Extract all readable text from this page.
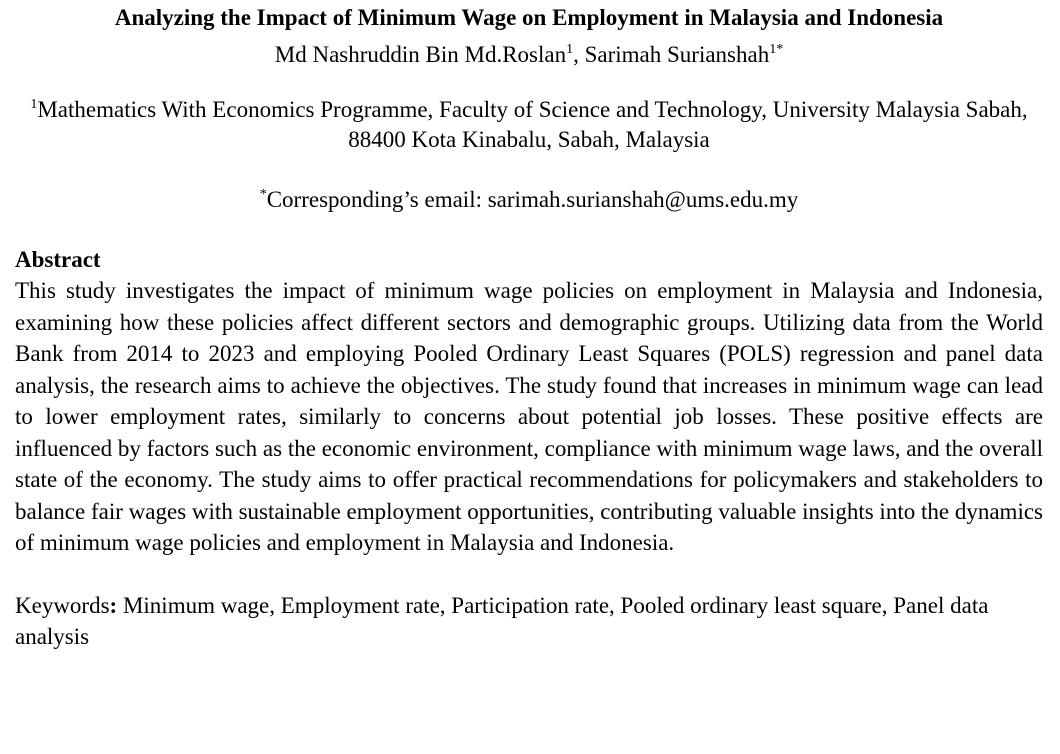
Analyzing the Impact of Minimum Wage on Employment in Malaysia and Indonesia
Md Nashruddin Bin Md.Roslan$^1$, Sarimah Surianshah$^{1*}$
$^1$Mathematics With Economics Programme, Faculty of Science and Technology, University Malaysia Sabah, 88400 Kota Kinabalu, Sabah, Malaysia
*Corresponding’s email: sarimah.surianshah@ums.edu.my
Abstract
This study investigates the impact of minimum wage policies on employment in Malaysia and Indonesia, examining how these policies affect different sectors and demographic groups. Utilizing data from the World Bank from 2014 to 2023 and employing Pooled Ordinary Least Squares (POLS) regression and panel data analysis, the research aims to achieve the objectives. The study found that increases in minimum wage can lead to lower employment rates, similarly to concerns about potential job losses. These positive effects are influenced by factors such as the economic environment, compliance with minimum wage laws, and the overall state of the economy. The study aims to offer practical recommendations for policymakers and stakeholders to balance fair wages with sustainable employment opportunities, contributing valuable insights into the dynamics of minimum wage policies and employment in Malaysia and Indonesia.
Keywords: Minimum wage, Employment rate, Participation rate, Pooled ordinary least square, Panel data analysis
